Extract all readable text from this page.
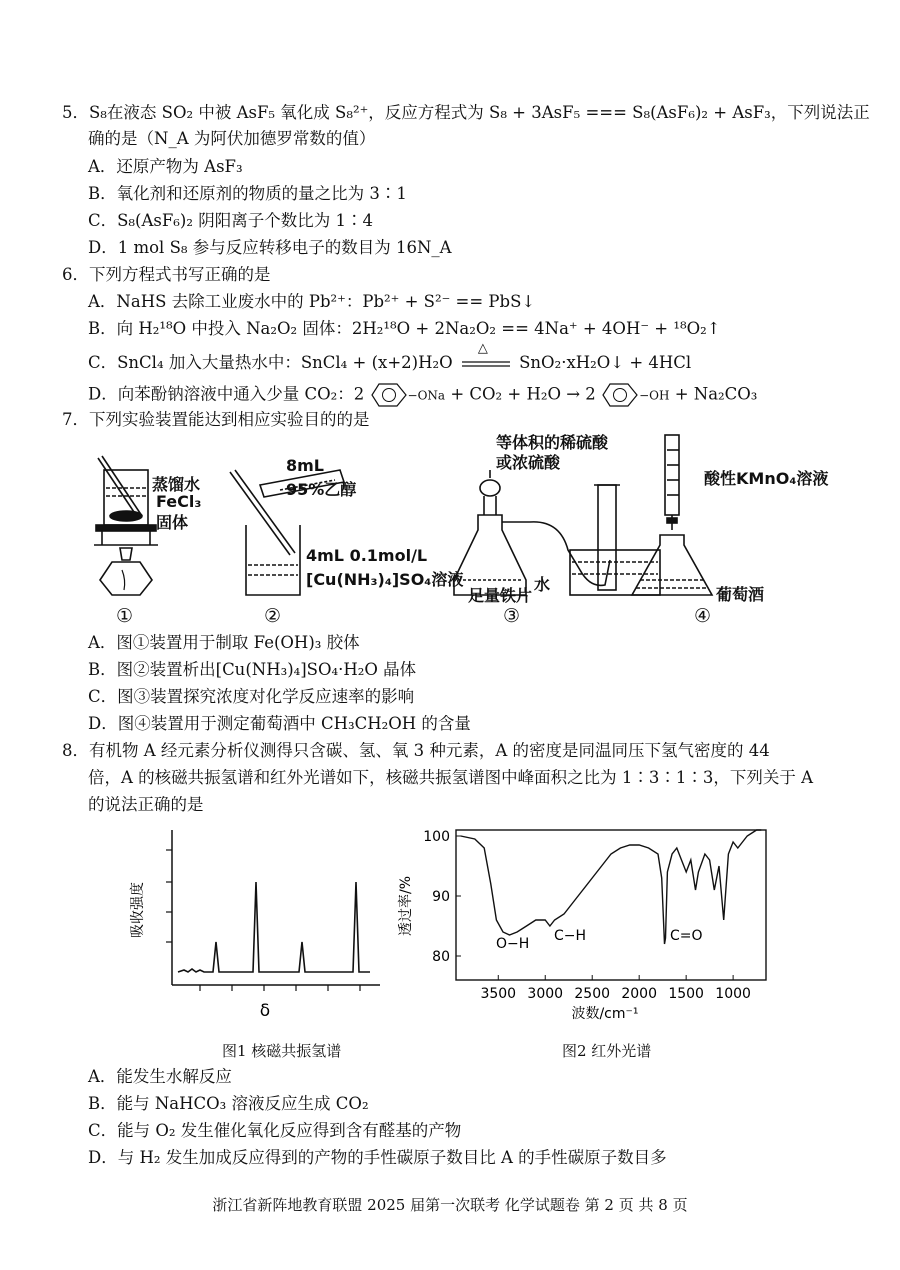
5．S₈在液态 SO₂ 中被 AsF₅ 氧化成 S₈²⁺，反应方程式为 S₈ + 3AsF₅ === S₈(AsF₆)₂ + AsF₃，下列说法正
确的是（N_A 为阿伏加德罗常数的值）
A．还原产物为 AsF₃
B．氧化剂和还原剂的物质的量之比为 3∶1
C．S₈(AsF₆)₂ 阴阳离子个数比为 1∶4
D．1 mol S₈ 参与反应转移电子的数目为 16N_A
6．下列方程式书写正确的是
A．NaHS 去除工业废水中的 Pb²⁺：Pb²⁺ + S²⁻ == PbS↓
B．向 H₂¹⁸O 中投入 Na₂O₂ 固体：2H₂¹⁸O + 2Na₂O₂ == 4Na⁺ + 4OH⁻ + ¹⁸O₂↑
C．SnCl₄ 加入大量热水中：SnCl₄ + (x+2)H₂O
△
SnO₂·xH₂O↓ + 4HCl
D．向苯酚钠溶液中通入少量 CO₂：2	−ONa + CO₂ + H₂O → 2	−OH + Na₂CO₃
7．下列实验装置能达到相应实验目的的是
蒸馏水
FeCl₃
固体
8mL
95%乙醇
4mL 0.1mol/L
[Cu(NH₃)₄]SO₄溶液
等体积的稀硫酸
或浓硫酸
水
足量铁片
酸性KMnO₄溶液
葡萄酒
①	②	③	④
A．图①装置用于制取 Fe(OH)₃ 胶体
B．图②装置析出[Cu(NH₃)₄]SO₄·H₂O 晶体
C．图③装置探究浓度对化学反应速率的影响
D．图④装置用于测定葡萄酒中 CH₃CH₂OH 的含量
8．有机物 A 经元素分析仪测得只含碳、氢、氧 3 种元素，A 的密度是同温同压下氢气密度的 44
倍，A 的核磁共振氢谱和红外光谱如下，核磁共振氢谱图中峰面积之比为 1∶3∶1∶3，下列关于 A
的说法正确的是
吸收强度
δ
图1 核磁共振氢谱
100
90
80
3500 3000 2500 2000 1500 1000
透过率/%
波数/cm⁻¹
O−H C−H	C=O
图2 红外光谱
A．能发生水解反应
B．能与 NaHCO₃ 溶液反应生成 CO₂
C．能与 O₂ 发生催化氧化反应得到含有醛基的产物
D．与 H₂ 发生加成反应得到的产物的手性碳原子数目比 A 的手性碳原子数目多
浙江省新阵地教育联盟 2025 届第一次联考 化学试题卷 第 2 页 共 8 页
